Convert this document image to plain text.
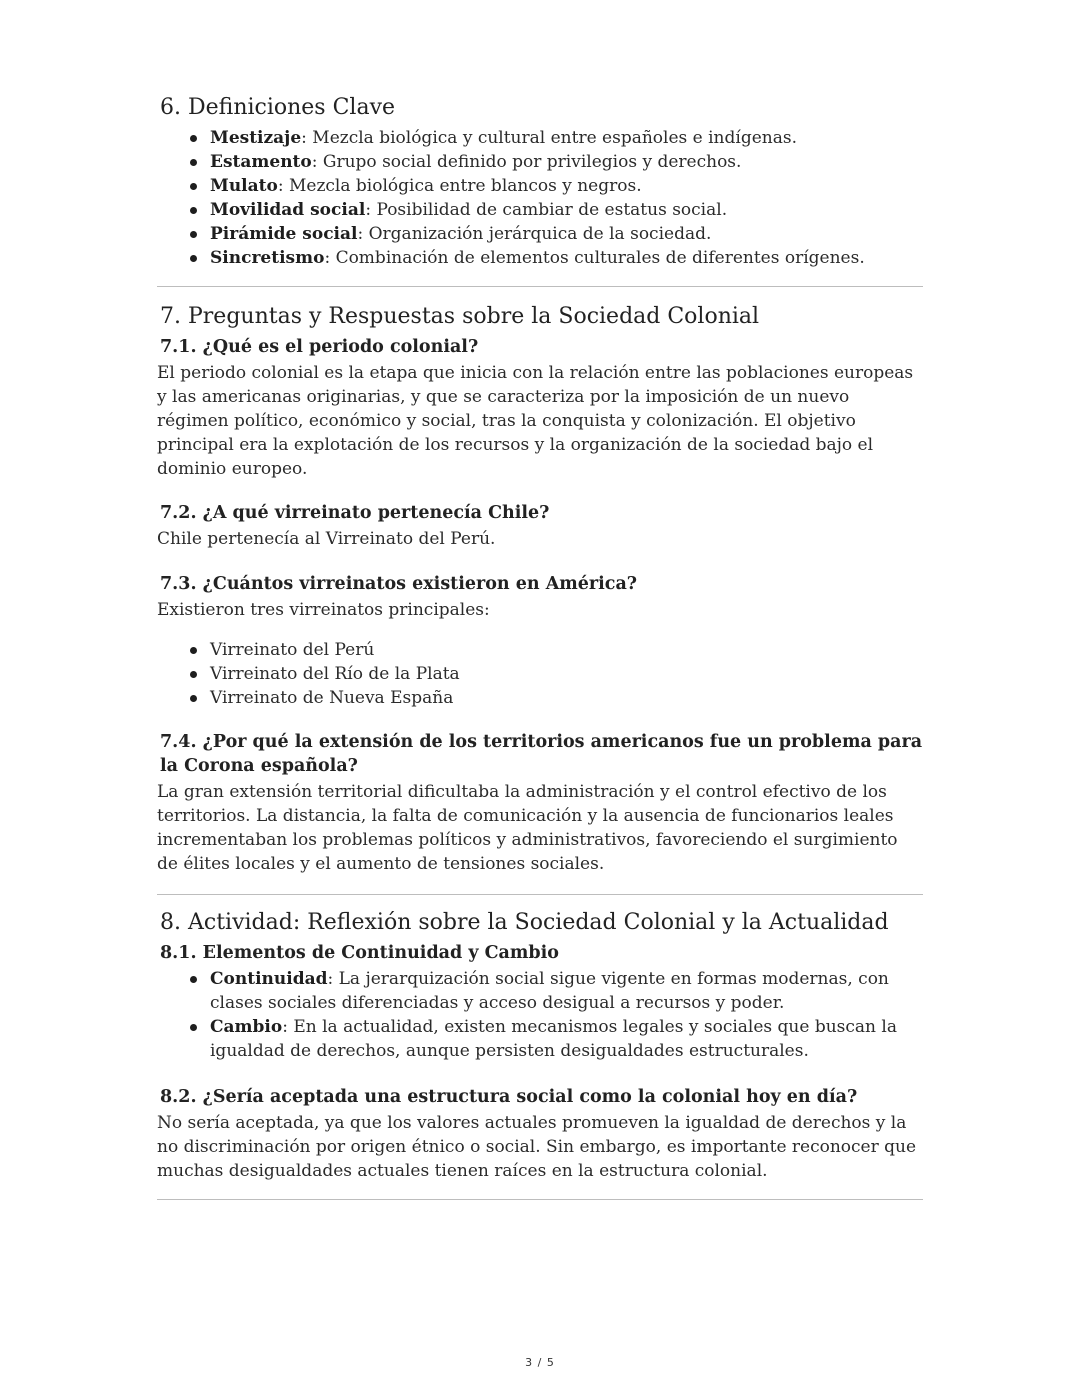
6. Definiciones Clave
Mestizaje: Mezcla biológica y cultural entre españoles e indígenas.
Estamento: Grupo social definido por privilegios y derechos.
Mulato: Mezcla biológica entre blancos y negros.
Movilidad social: Posibilidad de cambiar de estatus social.
Pirámide social: Organización jerárquica de la sociedad.
Sincretismo: Combinación de elementos culturales de diferentes orígenes.
7. Preguntas y Respuestas sobre la Sociedad Colonial
7.1. ¿Qué es el periodo colonial?

El periodo colonial es la etapa que inicia con la relación entre las poblaciones europeas y las americanas originarias, y que se caracteriza por la imposición de un nuevo régimen político, económico y social, tras la conquista y colonización. El objetivo principal era la explotación de los recursos y la organización de la sociedad bajo el dominio europeo.

7.2. ¿A qué virreinato pertenecía Chile?

Chile pertenecía al Virreinato del Perú.

7.3. ¿Cuántos virreinatos existieron en América?

Existieron tres virreinatos principales:

Virreinato del Perú
Virreinato del Río de la Plata
Virreinato de Nueva España
7.4. ¿Por qué la extensión de los territorios americanos fue un problema para la Corona española?

La gran extensión territorial dificultaba la administración y el control efectivo de los territorios. La distancia, la falta de comunicación y la ausencia de funcionarios leales incrementaban los problemas políticos y administrativos, favoreciendo el surgimiento de élites locales y el aumento de tensiones sociales.

8. Actividad: Reflexión sobre la Sociedad Colonial y la Actualidad
8.1. Elementos de Continuidad y Cambio
Continuidad: La jerarquización social sigue vigente en formas modernas, con clases sociales diferenciadas y acceso desigual a recursos y poder.
Cambio: En la actualidad, existen mecanismos legales y sociales que buscan la igualdad de derechos, aunque persisten desigualdades estructurales.
8.2. ¿Sería aceptada una estructura social como la colonial hoy en día?

No sería aceptada, ya que los valores actuales promueven la igualdad de derechos y la no discriminación por origen étnico o social. Sin embargo, es importante reconocer que muchas desigualdades actuales tienen raíces en la estructura colonial.

3 / 5
